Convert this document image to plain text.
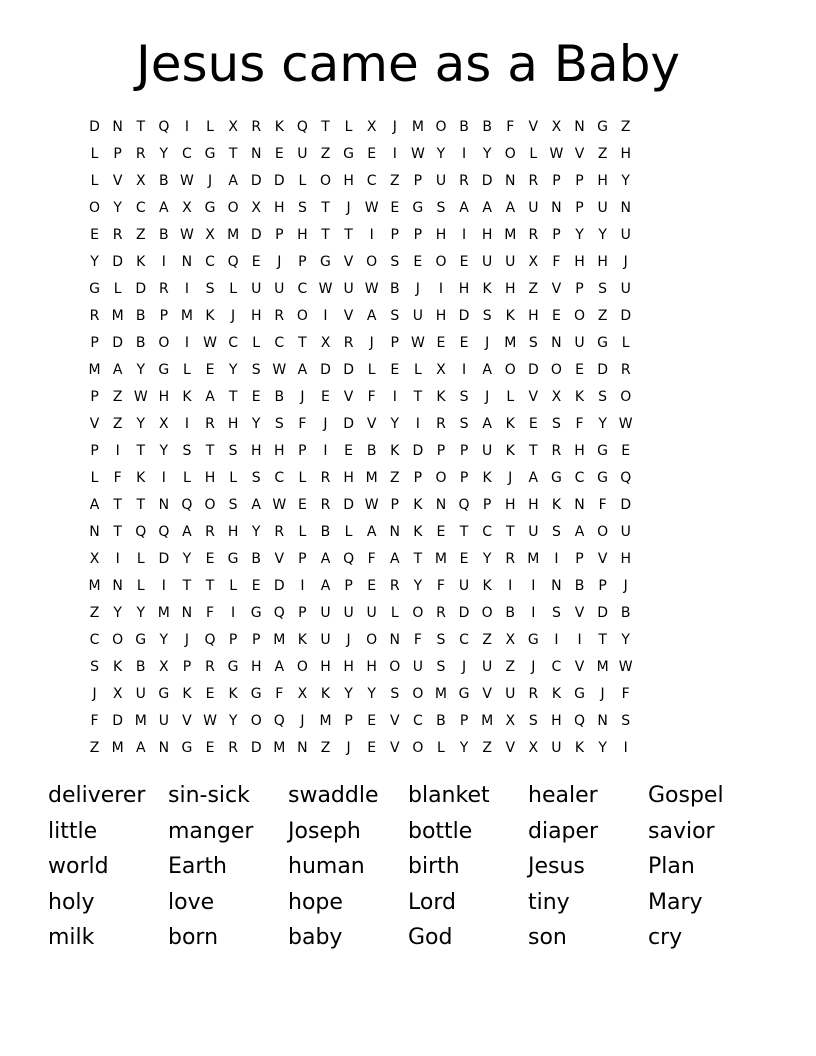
Jesus came as a Baby
D N T Q	I	L	X R K Q T	L	X	J	M O B B	F	V X N G Z
L	P	R Y C G T N E U Z G E	I	W Y	I	Y O L W V Z H
L	V X B W	J	A D D L O H C Z	P U R D N R	P	P H Y
O Y C A X G O X H S	T	J	W E G S A A A U N P U N
E R Z B W X M D P H T	T	I	P	P H	I	H M R	P	Y	Y U
Y D K	I	N C Q E	J	P G V O S	E O E U U X	F H H	J
G L D R	I	S	L	U U C W U W B	J	I	H K H Z V	P	S U
R M B	P M K	J	H R O	I	V A S U H D S	K H E O Z D
P D B O	I	W C	L	C T	X R	J	P W E	E	J	M S N U G L
M A	Y G L	E	Y	S W A D D L	E	L	X	I	A O D O E D R
P	Z W H K A	T	E B	J	E V	F	I	T	K	S	J	L	V X K	S O
V Z	Y	X	I	R H Y	S	F	J	D V	Y	I	R S A K	E	S	F	Y W
P	I	T	Y	S	T	S H H P	I	E B K D P	P U K	T R H G E
L	F	K	I	L H L	S C	L	R H M Z	P O P	K	J	A G C G Q
A	T	T N Q O S A W E R D W P	K N Q P H H K N F D
N T Q Q A R H Y R	L	B	L	A N K	E	T C T U S A O U
X	I	L D Y	E G B V	P	A Q F	A	T M E	Y R M	I	P	V H
M N L	I	T	T	L	E D	I	A	P	E R Y	F U K	I	I	N B	P	J
Z	Y	Y M N F	I	G Q P U U U	L O R D O B	I	S V D B
C O G Y	J	Q P	P M K U	J	O N F	S C Z X G	I	I	T	Y
S	K B X	P	R G H A O H H H O U S	J	U Z	J	C V M W
J	X U G K	E	K G F	X K	Y	Y	S O M G V U R K G	J	F
F D M U V W Y O Q	J	M P	E V C B	P M X S H Q N S
Z M A N G E R D M N Z	J	E V O L	Y	Z V X U K	Y	I
deliverer	sin-sick	swaddle	blanket	healer	Gospel
little	manger	Joseph	bottle	diaper	savior
world	Earth	human	birth	Jesus	Plan
holy	love	hope	Lord	tiny	Mary
milk	born	baby	God	son	cry
